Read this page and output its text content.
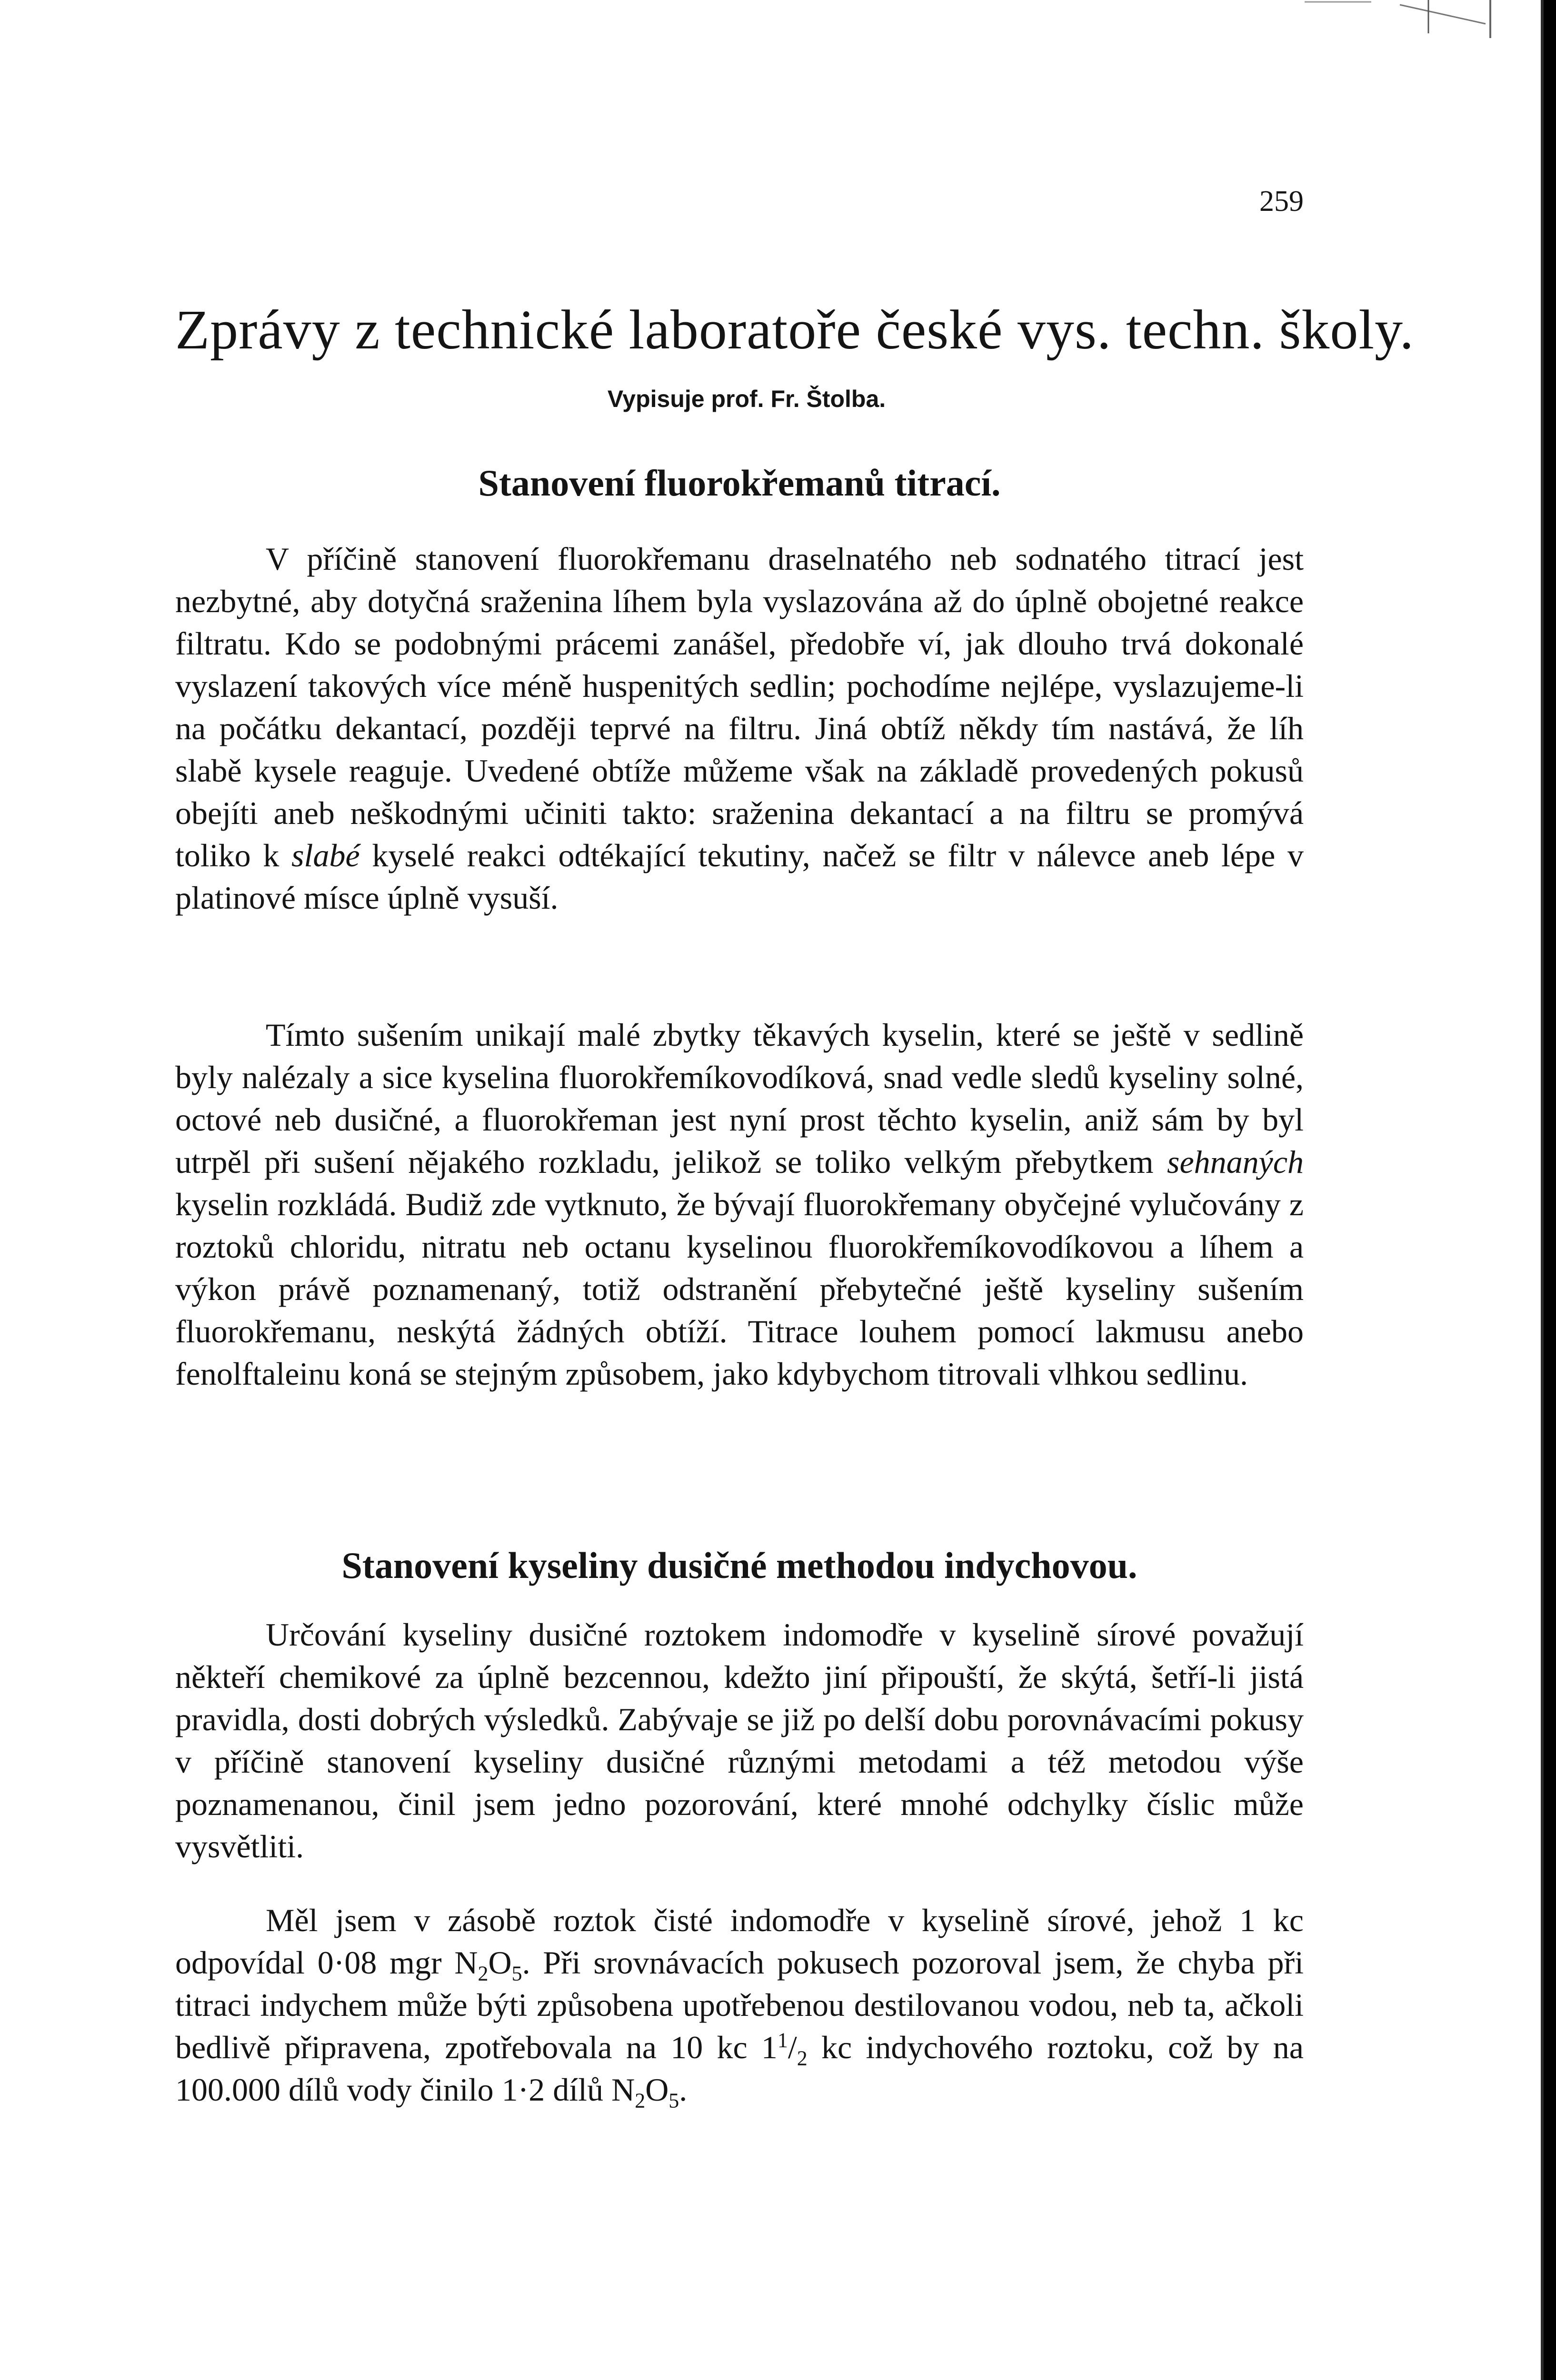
259
Zprávy z technické laboratoře české vys. techn. školy.
Vypisuje prof. Fr. Štolba.
Stanovení fluorokřemanů titrací.

V příčině stanovení fluorokřemanu draselnatého neb sodnatého titrací jest nezbytné, aby dotyčná sraženina líhem byla vyslazována až do úplně obojetné reakce filtratu. Kdo se podobnými prácemi zanášel, předobře ví, jak dlouho trvá dokonalé vyslazení takových více méně huspenitých sedlin; pochodíme nejlépe, vyslazujeme-li na počátku dekantací, později teprvé na filtru. Jiná obtíž někdy tím nastává, že líh slabě kysele reaguje. Uvedené obtíže můžeme však na základě provedených pokusů obejíti aneb neškodnými učiniti takto: sraženina dekantací a na filtru se promývá toliko k slabé kyselé reakci odtékající tekutiny, načež se filtr v nálevce aneb lépe v platinové mísce úplně vysuší.

Tímto sušením unikají malé zbytky těkavých kyselin, které se ještě v sedlině byly nalézaly a sice kyselina fluorokřemíkovodíková, snad vedle sledů kyseliny solné, octové neb dusičné, a fluorokřeman jest nyní prost těchto kyselin, aniž sám by byl utrpěl při sušení nějakého rozkladu, jelikož se toliko velkým přebytkem sehnaných kyselin rozkládá. Budiž zde vytknuto, že bývají fluorokřemany obyčejné vylučovány z roztoků chloridu, nitratu neb octanu kyselinou fluorokřemíkovodíkovou a líhem a výkon právě poznamenaný, totiž odstranění přebytečné ještě kyseliny sušením fluorokřemanu, neskýtá žádných obtíží. Titrace louhem pomocí lakmusu anebo fenolftaleinu koná se stejným způsobem, jako kdybychom titrovali vlhkou sedlinu.

Stanovení kyseliny dusičné methodou indychovou.

Určování kyseliny dusičné roztokem indomodře v kyselině sírové považují někteří chemikové za úplně bezcennou, kdežto jiní připouští, že skýtá, šetří-li jistá pravidla, dosti dobrých výsledků. Zabývaje se již po delší dobu porovnávacími pokusy v příčině stanovení kyseliny dusičné různými metodami a též metodou výše poznamenanou, činil jsem jedno pozorování, které mnohé odchylky číslic může vysvětliti.

Měl jsem v zásobě roztok čisté indomodře v kyselině sírové, jehož 1 kc odpovídal 0·08 mgr $N_2O_5$. Při srovnávacích pokusech pozoroval jsem, že chyba při titraci indychem může býti způsobena upotřebenou destilovanou vodou, neb ta, ačkoli bedlivě připravena, zpotřebovala na 10 kc $1^1/_2$ kc indychového roztoku, což by na 100.000 dílů vody činilo 1·2 dílů $N_2O_5$.
